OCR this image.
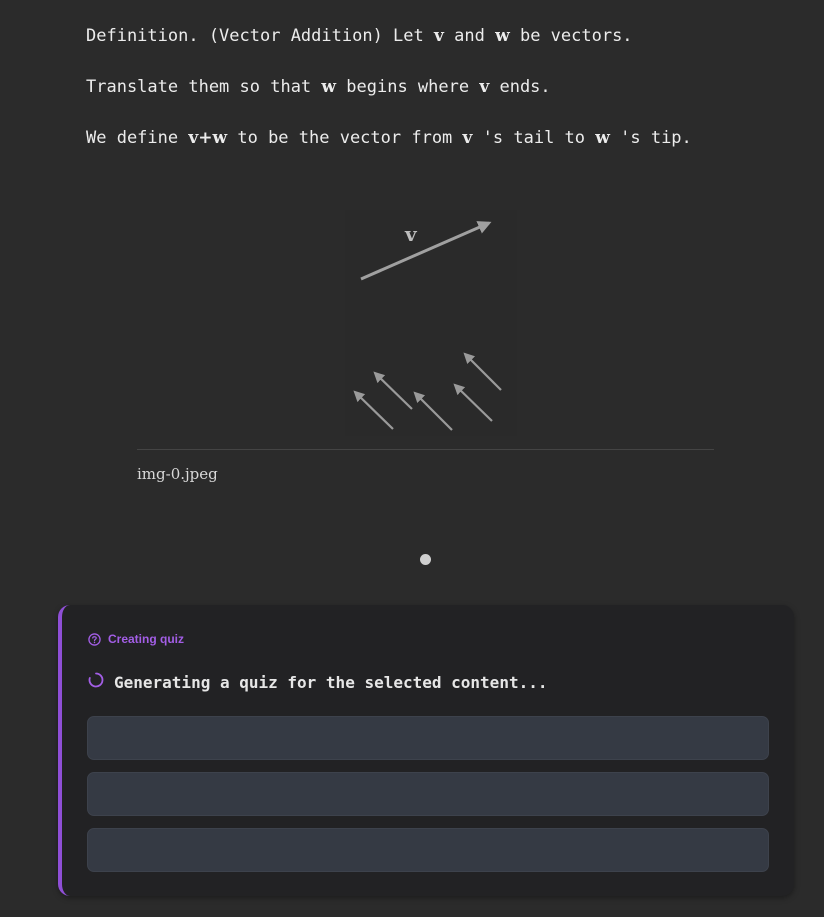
Definition. (Vector Addition) Let v and w be vectors.
Translate them so that w begins where v ends.
We define v+w to be the vector from v 's tail to w 's tip.
v
img-0.jpeg
Creating quiz
Generating a quiz for the selected content...
